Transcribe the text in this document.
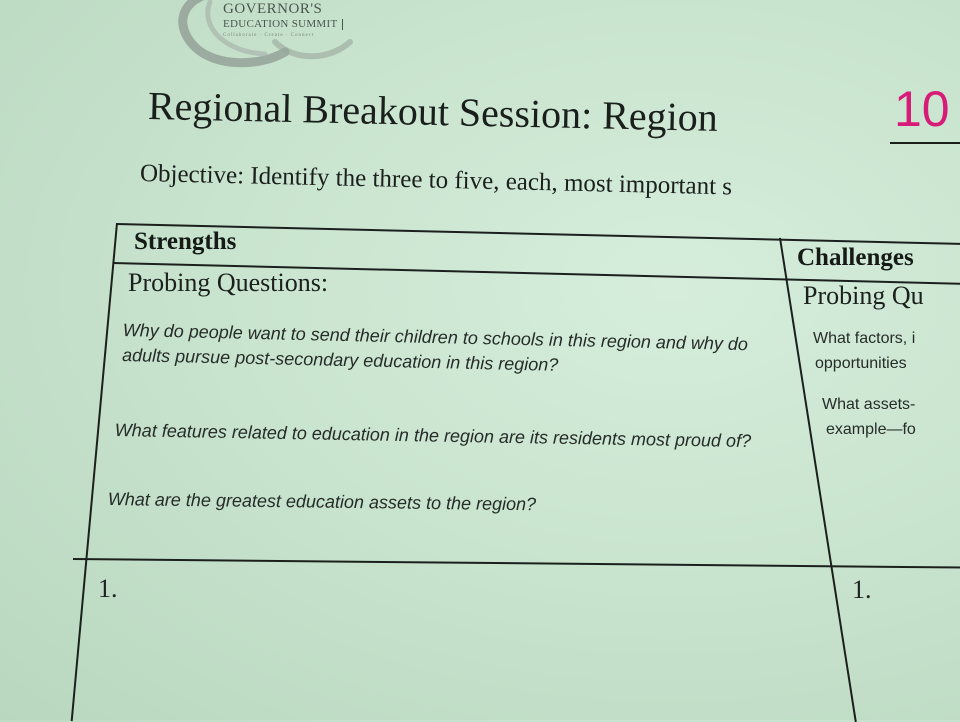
GOVERNOR'S
EDUCATION SUMMIT
Collaborate · Create · Connect
Regional Breakout Session: Region	10
Objective: Identify the three to five, each, most important s
Strengths
Probing Questions:
Why do people want to send their children to schools in this region and why do adults pursue post-secondary education in this region?
What features related to education in the region are its residents most proud of?
What are the greatest education assets to the region?
1.
Challenges
Probing Qu
What factors, i
opportunities
What assets-
example—fo
1.
